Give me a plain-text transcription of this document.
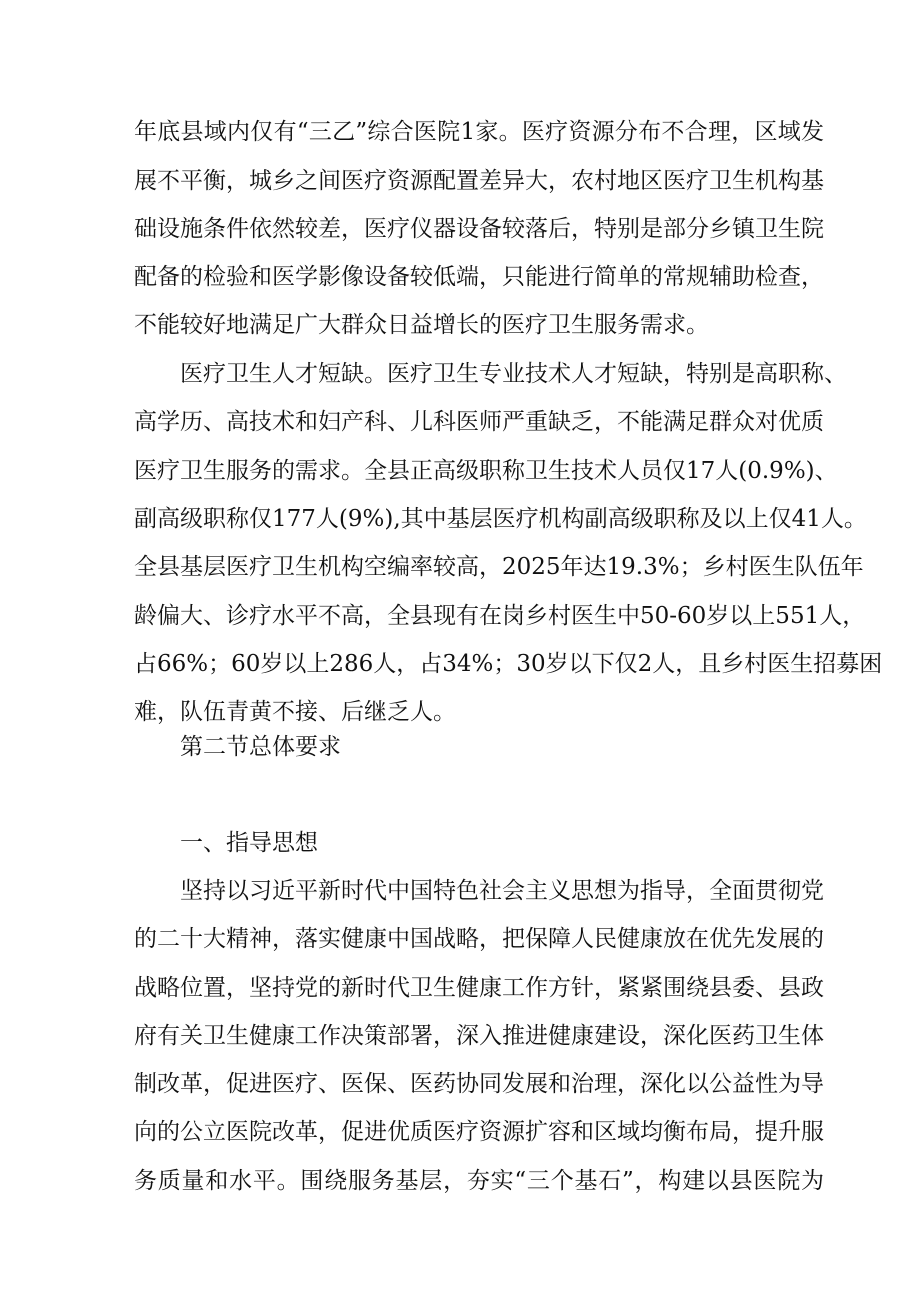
年底县域内仅有“三乙”综合医院1家。医疗资源分布不合理，区域发
展不平衡，城乡之间医疗资源配置差异大，农村地区医疗卫生机构基
础设施条件依然较差，医疗仪器设备较落后，特别是部分乡镇卫生院
配备的检验和医学影像设备较低端，只能进行简单的常规辅助检查，
不能较好地满足广大群众日益增长的医疗卫生服务需求。
医疗卫生人才短缺。医疗卫生专业技术人才短缺，特别是高职称、
高学历、高技术和妇产科、儿科医师严重缺乏，不能满足群众对优质
医疗卫生服务的需求。全县正高级职称卫生技术人员仅17人(0.9%)、
副高级职称仅177人(9%),其中基层医疗机构副高级职称及以上仅41人。
全县基层医疗卫生机构空编率较高，2025年达19.3%；乡村医生队伍年
龄偏大、诊疗水平不高，全县现有在岗乡村医生中50-60岁以上551人，
占66%；60岁以上286人，占34%；30岁以下仅2人，且乡村医生招募困
难，队伍青黄不接、后继乏人。
第二节总体要求
一、指导思想
坚持以习近平新时代中国特色社会主义思想为指导，全面贯彻党
的二十大精神，落实健康中国战略，把保障人民健康放在优先发展的
战略位置，坚持党的新时代卫生健康工作方针，紧紧围绕县委、县政
府有关卫生健康工作决策部署，深入推进健康建设，深化医药卫生体
制改革，促进医疗、医保、医药协同发展和治理，深化以公益性为导
向的公立医院改革，促进优质医疗资源扩容和区域均衡布局，提升服
务质量和水平。围绕服务基层，夯实“三个基石”，构建以县医院为
